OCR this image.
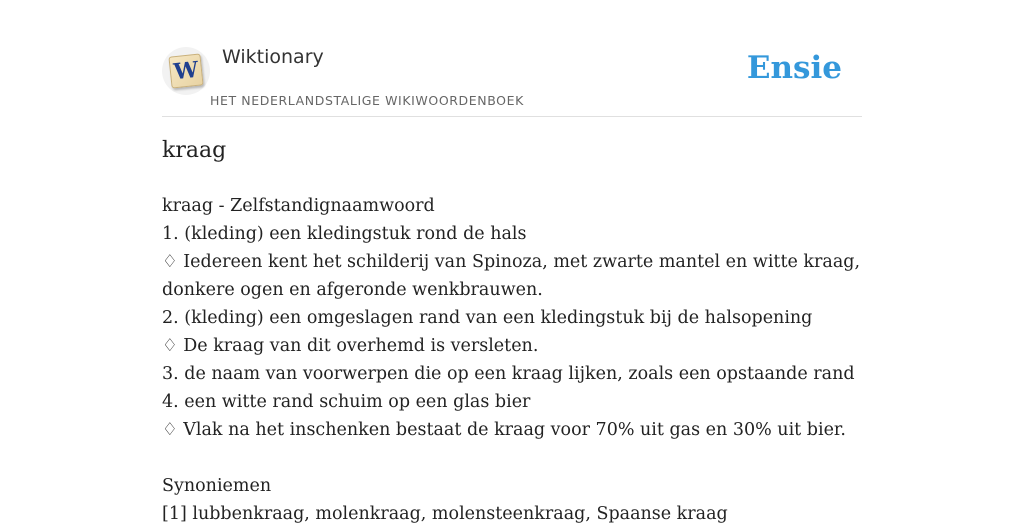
W Wiktionary
HET NEDERLANDSTALIGE WIKIWOORDENBOEK
Ensie
kraag
kraag - Zelfstandignaamwoord
1. (kleding) een kledingstuk rond de hals
♢ Iedereen kent het schilderij van Spinoza, met zwarte mantel en witte kraag, donkere ogen en afgeronde wenkbrauwen.
2. (kleding) een omgeslagen rand van een kledingstuk bij de halsopening
♢ De kraag van dit overhemd is versleten.
3. de naam van voorwerpen die op een kraag lijken, zoals een opstaande rand
4. een witte rand schuim op een glas bier
♢ Vlak na het inschenken bestaat de kraag voor 70% uit gas en 30% uit bier.
Synoniemen
[1] lubbenkraag, molenkraag, molensteenkraag, Spaanse kraag
